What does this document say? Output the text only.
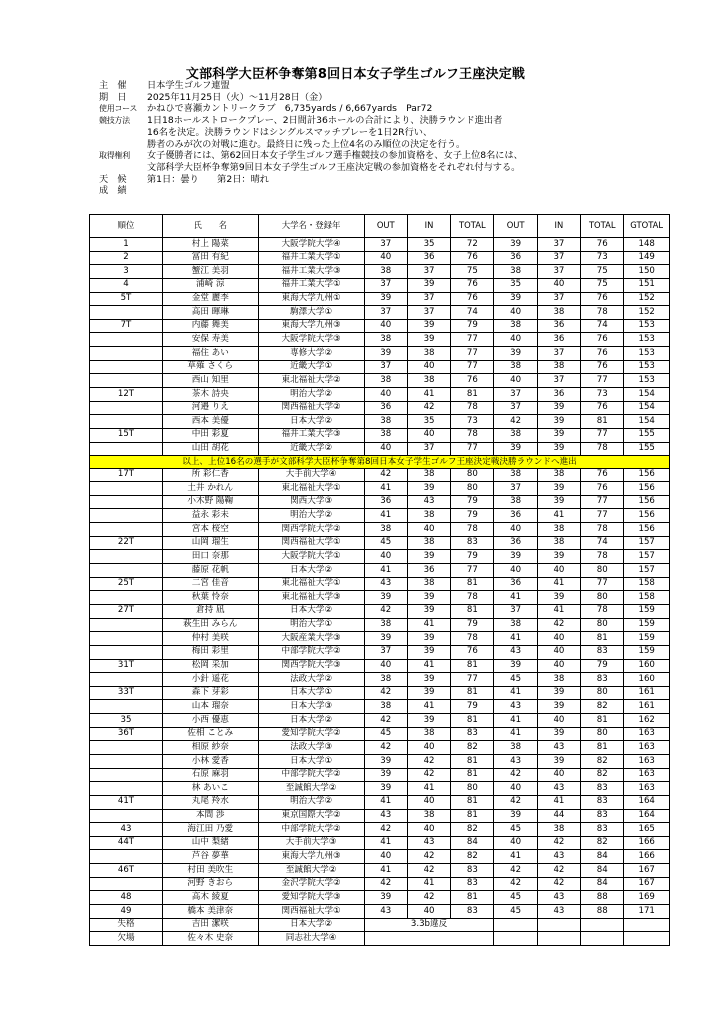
文部科学大臣杯争奪第8回日本女子学生ゴルフ王座決定戦
主　催	日本学生ゴルフ連盟
期　日	2025年11月25日（火）～11月28日（金）
使用コース	かねひで喜瀬カントリークラブ　6,735yards / 6,667yards　Par72
競技方法	1日18ホールストロークプレー、2日間計36ホールの合計により、決勝ラウンド進出者
16名を決定。決勝ラウンドはシングルスマッチプレーを1日2R行い、
勝者のみが次の対戦に進む。最終日に残った上位4名のみ順位の決定を行う。
取得権利	女子優勝者には、第62回日本女子学生ゴルフ選手権競技の参加資格を、女子上位8名には、
文部科学大臣杯争奪第9回日本女子学生ゴルフ王座決定戦の参加資格をそれぞれ付与する。
天　候	第1日：曇り　　第2日：晴れ
成　績
順位	氏　　名	大学名・登録年	OUT	IN	TOTAL	OUT	IN	TOTAL	GTOTAL
1	村上 陽菜	大阪学院大学④	37	35	72	39	37	76	148
2	冨田 有紀	福井工業大学①	40	36	76	36	37	73	149
3	蟹江 美羽	福井工業大学③	38	37	75	38	37	75	150
4	浦崎 涼	福井工業大学①	37	39	76	35	40	75	151
5T	金堂 麗李	東海大学九州①	39	37	76	39	37	76	152
	高田 暉琳	駒澤大学①	37	37	74	40	38	78	152
7T	内藤 舞美	東海大学九州③	40	39	79	38	36	74	153
	安保 寿美	大阪学院大学③	38	39	77	40	36	76	153
	福住 あい	専修大学②	39	38	77	39	37	76	153
	草薙 さくら	近畿大学①	37	40	77	38	38	76	153
	西山 知里	東北福祉大学②	38	38	76	40	37	77	153
12T	茶木 詩央	明治大学②	40	41	81	37	36	73	154
	河邉 りえ	関西福祉大学②	36	42	78	37	39	76	154
	西本 美優	日本大学②	38	35	73	42	39	81	154
15T	中田 彩夏	福井工業大学③	38	40	78	38	39	77	155
	山田 胡花	近畿大学②	40	37	77	39	39	78	155
以上、上位16名の選手が文部科学大臣杯争奪第8回日本女子学生ゴルフ王座決定戦決勝ラウンドへ進出									
17T	所 彩仁香	大手前大学④	42	38	80	38	38	76	156
	土井 かれん	東北福祉大学①	41	39	80	37	39	76	156
	小木野 陽鞠	関西大学③	36	43	79	38	39	77	156
	益永 彩未	明治大学②	41	38	79	36	41	77	156
	宮本 桜空	関西学院大学②	38	40	78	40	38	78	156
22T	山岡 瑠生	関西福祉大学①	45	38	83	36	38	74	157
	田口 奈那	大阪学院大学①	40	39	79	39	39	78	157
	藤原 花帆	日本大学②	41	36	77	40	40	80	157
25T	二宮 佳音	東北福祉大学①	43	38	81	36	41	77	158
	秋葉 怜奈	東北福祉大学③	39	39	78	41	39	80	158
27T	倉持 凪	日本大学②	42	39	81	37	41	78	159
	萩生田 みらん	明治大学①	38	41	79	38	42	80	159
	仲村 美咲	大阪産業大学③	39	39	78	41	40	81	159
	梅田 彩里	中部学院大学②	37	39	76	43	40	83	159
31T	松岡 采加	関西学院大学③	40	41	81	39	40	79	160
	小針 遥花	法政大学②	38	39	77	45	38	83	160
33T	森下 芽彩	日本大学①	42	39	81	41	39	80	161
	山本 瑠奈	日本大学③	38	41	79	43	39	82	161
35	小西 優恵	日本大学②	42	39	81	41	40	81	162
36T	佐相 ことみ	愛知学院大学②	45	38	83	41	39	80	163
	相原 紗奈	法政大学③	42	40	82	38	43	81	163
	小林 愛香	日本大学①	39	42	81	43	39	82	163
	石原 麻羽	中部学院大学②	39	42	81	42	40	82	163
	林 あいこ	至誠館大学②	39	41	80	40	43	83	163
41T	丸尾 羚水	明治大学②	41	40	81	42	41	83	164
	本間 渉	東京国際大学②	43	38	81	39	44	83	164
43	海江田 乃愛	中部学院大学②	42	40	82	45	38	83	165
44T	山中 梨緒	大手前大学③	41	43	84	40	42	82	166
	芦谷 夢華	東海大学九州③	40	42	82	41	43	84	166
46T	村田 美吹生	至誠館大学②	41	42	83	42	42	84	167
	河野 きおら	金沢学院大学②	42	41	83	42	42	84	167
48	高木 綾夏	愛知学院大学③	39	42	81	45	43	88	169
49	橋本 美津奈	関西福祉大学①	43	40	83	45	43	88	171
失格	吉田 潔咲	日本大学②	3.3b違反						
欠場	佐々木 史奈	同志社大学④							
